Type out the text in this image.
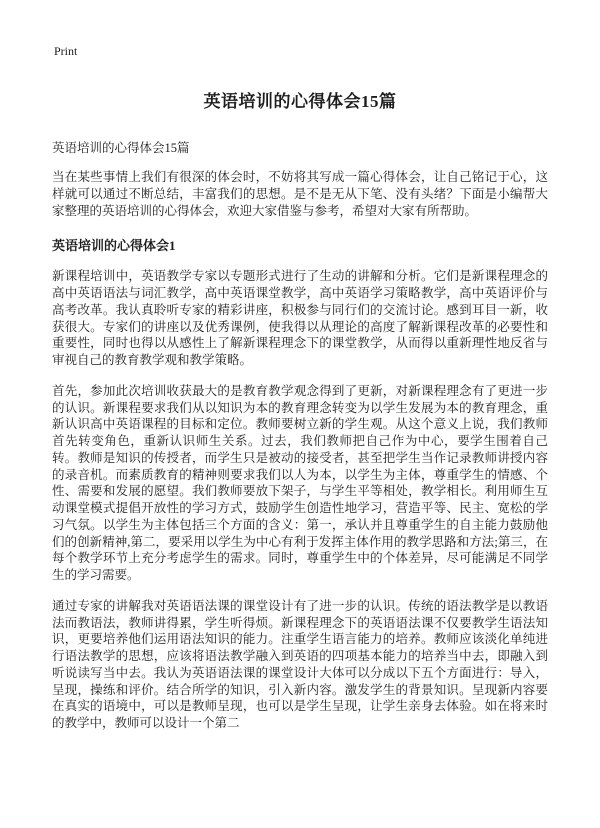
Print
英语培训的心得体会15篇

英语培训的心得体会15篇

当在某些事情上我们有很深的体会时，不妨将其写成一篇心得体会，让自己铭记于心，这样就可以通过不断总结，丰富我们的思想。是不是无从下笔、没有头绪？下面是小编帮大家整理的英语培训的心得体会，欢迎大家借鉴与参考，希望对大家有所帮助。

英语培训的心得体会1

新课程培训中，英语教学专家以专题形式进行了生动的讲解和分析。它们是新课程理念的高中英语语法与词汇教学，高中英语课堂教学，高中英语学习策略教学，高中英语评价与高考改革。我认真聆听专家的精彩讲座，积极参与同行们的交流讨论。感到耳目一新，收获很大。专家们的讲座以及优秀课例，使我得以从理论的高度了解新课程改革的必要性和重要性，同时也得以从感性上了解新课程理念下的课堂教学，从而得以重新理性地反省与审视自己的教育教学观和教学策略。

首先，参加此次培训收获最大的是教育教学观念得到了更新，对新课程理念有了更进一步的认识。新课程要求我们从以知识为本的教育理念转变为以学生发展为本的教育理念，重新认识高中英语课程的目标和定位。教师要树立新的学生观。从这个意义上说，我们教师首先转变角色，重新认识师生关系。过去，我们教师把自己作为中心，要学生围着自己转。教师是知识的传授者，而学生只是被动的接受者，甚至把学生当作记录教师讲授内容的录音机。而素质教育的精神则要求我们以人为本，以学生为主体，尊重学生的情感、个性、需要和发展的愿望。我们教师要放下架子，与学生平等相处，教学相长。利用师生互动课堂模式提倡开放性的学习方式，鼓励学生创造性地学习，营造平等、民主、宽松的学习气氛。以学生为主体包括三个方面的含义：第一，承认并且尊重学生的自主能力鼓励他们的创新精神,第二，要采用以学生为中心有利于发挥主体作用的教学思路和方法;第三，在每个教学环节上充分考虑学生的需求。同时，尊重学生中的个体差异，尽可能满足不同学生的学习需要。

通过专家的讲解我对英语语法课的课堂设计有了进一步的认识。传统的语法教学是以教语法而教语法，教师讲得累，学生听得烦。新课程理念下的英语语法课不仅要教学生语法知识，更要培养他们运用语法知识的能力。注重学生语言能力的培养。教师应该淡化单纯进行语法教学的思想，应该将语法教学融入到英语的四项基本能力的培养当中去，即融入到听说读写当中去。我认为英语语法课的课堂设计大体可以分成以下五个方面进行：导入，呈现，操练和评价。结合所学的知识，引入新内容。激发学生的背景知识。呈现新内容要在真实的语境中，可以是教师呈现，也可以是学生呈现，让学生亲身去体验。如在将来时的教学中，教师可以设计一个第二
